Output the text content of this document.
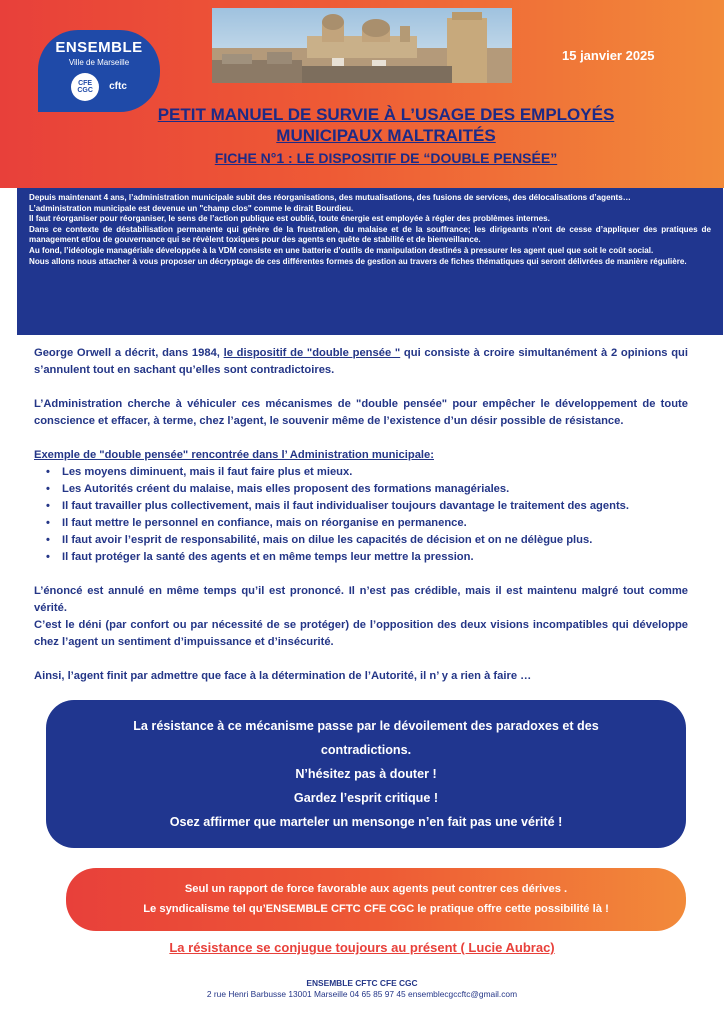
ENSEMBLE
Ville de Marseille
CFE CGC	cftc
15 janvier 2025
PETIT MANUEL DE SURVIE À L’USAGE DES EMPLOYÉS
MUNICIPAUX MALTRAITÉS
FICHE N°1 : LE DISPOSITIF DE “DOUBLE PENSÉE”

Depuis maintenant 4 ans, l’administration municipale subit des réorganisations, des mutualisations, des fusions de services, des délocalisations d’agents…

L’administration municipale est devenue un "champ clos" comme le dirait Bourdieu.

Il faut réorganiser pour réorganiser, le sens de l’action publique est oublié, toute énergie est employée à régler des problèmes internes.

Dans ce contexte de déstabilisation permanente qui génère de la frustration, du malaise et de la souffrance; les dirigeants n’ont de cesse d’appliquer des pratiques de management et/ou de gouvernance qui se révèlent toxiques pour des agents en quête de stabilité et de bienveillance.

Au fond, l’idéologie managériale développée à la VDM consiste en une batterie d’outils de manipulation destinés à pressurer les agent quel que soit le coût social.

Nous allons nous attacher à vous proposer un décryptage de ces différentes formes de gestion au travers de fiches thématiques qui seront délivrées de manière régulière.

George Orwell a décrit, dans 1984, le dispositif de "double pensée " qui consiste à croire simultanément à 2 opinions qui s’annulent tout en sachant qu’elles sont contradictoires.

L’Administration cherche à véhiculer ces mécanismes de "double pensée" pour empêcher le développement de toute conscience et effacer, à terme, chez l’agent, le souvenir même de l’existence d’un désir possible de résistance.

Exemple de "double pensée" rencontrée dans l’ Administration municipale:

• Les moyens diminuent, mais il faut faire plus et mieux.
• Les Autorités créent du malaise, mais elles proposent des formations managériales.
• Il faut travailler plus collectivement, mais il faut individualiser toujours davantage le traitement des agents.
• Il faut mettre le personnel en confiance, mais on réorganise en permanence.
• Il faut avoir l’esprit de responsabilité, mais on dilue les capacités de décision et on ne délègue plus.
• Il faut protéger la santé des agents et en même temps leur mettre la pression.

L’énoncé est annulé en même temps qu’il est prononcé. Il n’est pas crédible, mais il est maintenu malgré tout comme vérité.

C’est le déni (par confort ou par nécessité de se protéger) de l’opposition des deux visions incompatibles qui développe chez l’agent un sentiment d’impuissance et d’insécurité.

Ainsi, l’agent finit par admettre que face à la détermination de l’Autorité, il n’ y a rien à faire …

La résistance à ce mécanisme passe par le dévoilement des paradoxes et des

contradictions.

N’hésitez pas à douter !

Gardez l’esprit critique !

Osez affirmer que marteler un mensonge n’en fait pas une vérité !

Seul un rapport de force favorable aux agents peut contrer ces dérives .

Le syndicalisme tel qu’ENSEMBLE CFTC CFE CGC le pratique offre cette possibilité là !

La résistance se conjugue toujours au présent ( Lucie Aubrac)
ENSEMBLE CFTC CFE CGC
2 rue Henri Barbusse 13001 Marseille 04 65 85 97 45 ensemblecgccftc@gmail.com
